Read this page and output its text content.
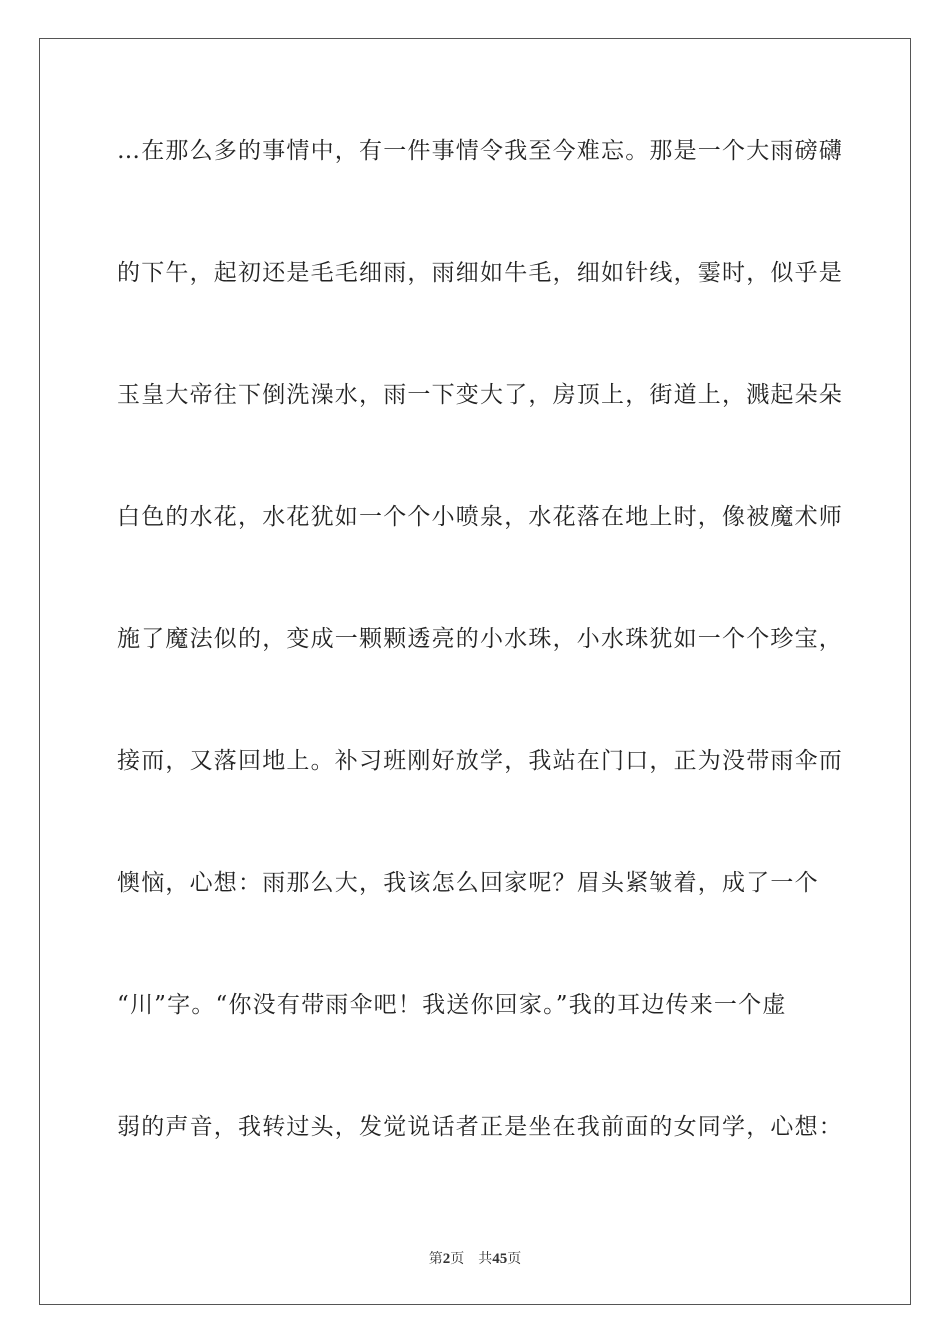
…在那么多的事情中，有一件事情令我至今难忘。那是一个大雨磅礴
的下午，起初还是毛毛细雨，雨细如牛毛，细如针线，霎时，似乎是
玉皇大帝往下倒洗澡水，雨一下变大了，房顶上，街道上，溅起朵朵
白色的水花，水花犹如一个个小喷泉，水花落在地上时，像被魔术师
施了魔法似的，变成一颗颗透亮的小水珠，小水珠犹如一个个珍宝，
接而，又落回地上。补习班刚好放学，我站在门口，正为没带雨伞而
懊恼，心想：雨那么大，我该怎么回家呢？眉头紧皱着，成了一个
“川”字。“你没有带雨伞吧！我送你回家。”我的耳边传来一个虚
弱的声音，我转过头，发觉说话者正是坐在我前面的女同学，心想：
第2页 共45页
